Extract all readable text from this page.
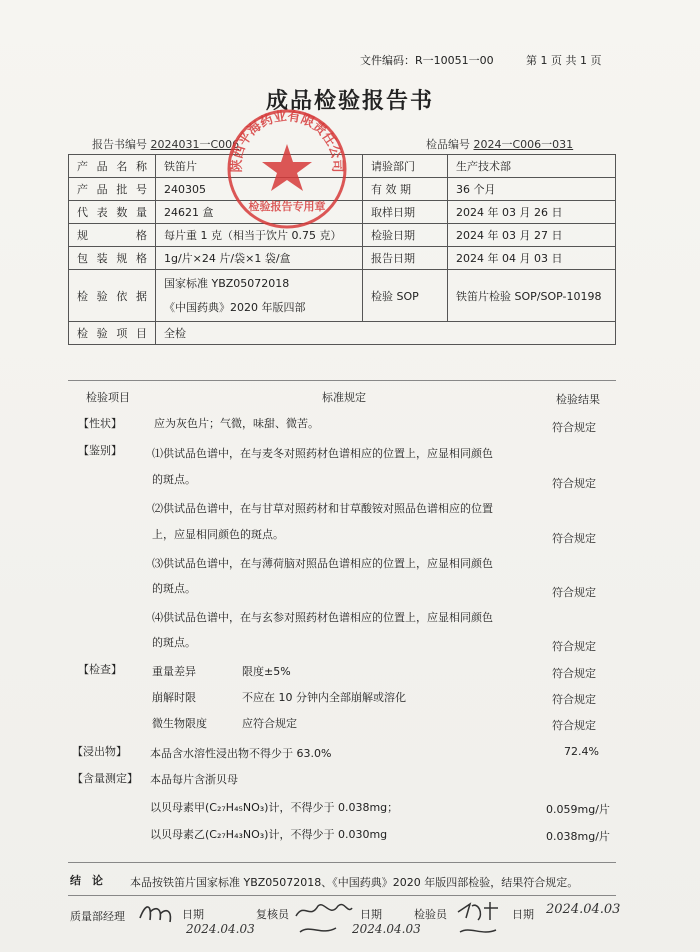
文件编码：R一10051一00	第 1 页 共 1 页
成品检验报告书
报告书编号 2024031一C006	检品编号 2024一C006一031
产品名称	铁笛片	请验部门	生产技术部
产品批号	240305	有 效 期	36 个月
代表数量	24621 盒	取样日期	2024 年 03 月 26 日
规　　格	每片重 1 克（相当于饮片 0.75 克）	检验日期	2024 年 03 月 27 日
包装规格	1g/片×24 片/袋×1 袋/盒	报告日期	2024 年 04 月 03 日
检验依据	国家标准 YBZ05072018
《中国药典》2020 年版四部	检验 SOP	铁笛片检验 SOP/SOP-10198
检验项目	全检		
陕西平海药业有限责任公司
检验报告专用章
检验项目	标准规定	检验结果
【性状】	应为灰色片；气微，味甜、微苦。	符合规定
【鉴别】	⑴供试品色谱中，在与麦冬对照药材色谱相应的位置上，应显相同颜色
的斑点。	符合规定
⑵供试品色谱中，在与甘草对照药材和甘草酸铵对照品色谱相应的位置
上，应显相同颜色的斑点。	符合规定
⑶供试品色谱中，在与薄荷脑对照品色谱相应的位置上，应显相同颜色
的斑点。	符合规定
⑷供试品色谱中，在与玄参对照药材色谱相应的位置上，应显相同颜色
的斑点。	符合规定
【检查】	重量差异	限度±5%	符合规定
崩解时限	不应在 10 分钟内全部崩解或溶化	符合规定
微生物限度	应符合规定	符合规定
【浸出物】 本品含水溶性浸出物不得少于 63.0%	72.4%
【含量测定】 本品每片含浙贝母
以贝母素甲(C₂₇H₄₅NO₃)计，不得少于 0.038mg；	0.059mg/片
以贝母素乙(C₂₇H₄₃NO₃)计，不得少于 0.030mg	0.038mg/片
结　论 本品按铁笛片国家标准 YBZ05072018、《中国药典》2020 年版四部检验，结果符合规定。
质量部经理	日期
2024.04.03
复核员	日期
2024.04.03
检验员	日期 2024.04.03
